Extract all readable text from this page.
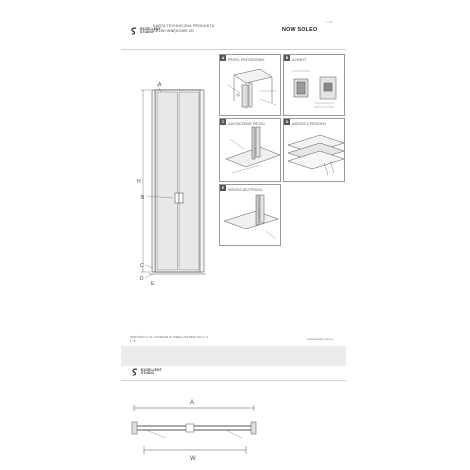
EXCELLENT
STUDIO
KARTA TECHNICZNA PRODUKTU
DRZWI WNĘKOWE 2D	NOW SOLEO
1 / 18
A
H
B
C
D
E
A	PROFIL PRZYŚCIENNY	B	UCHWYT
C	ZAKOŃCZENIE PROGU	D	MONTAŻ Z PROGIEM
E	MONTAŻ BEZ PROGU
WARTOŚCI A, W, H PODANE W TABELI ZAKRESU NR 2 / 4
1 : 8
www.excellent.com.pl
EXCELLENT
STUDIO
A
W
